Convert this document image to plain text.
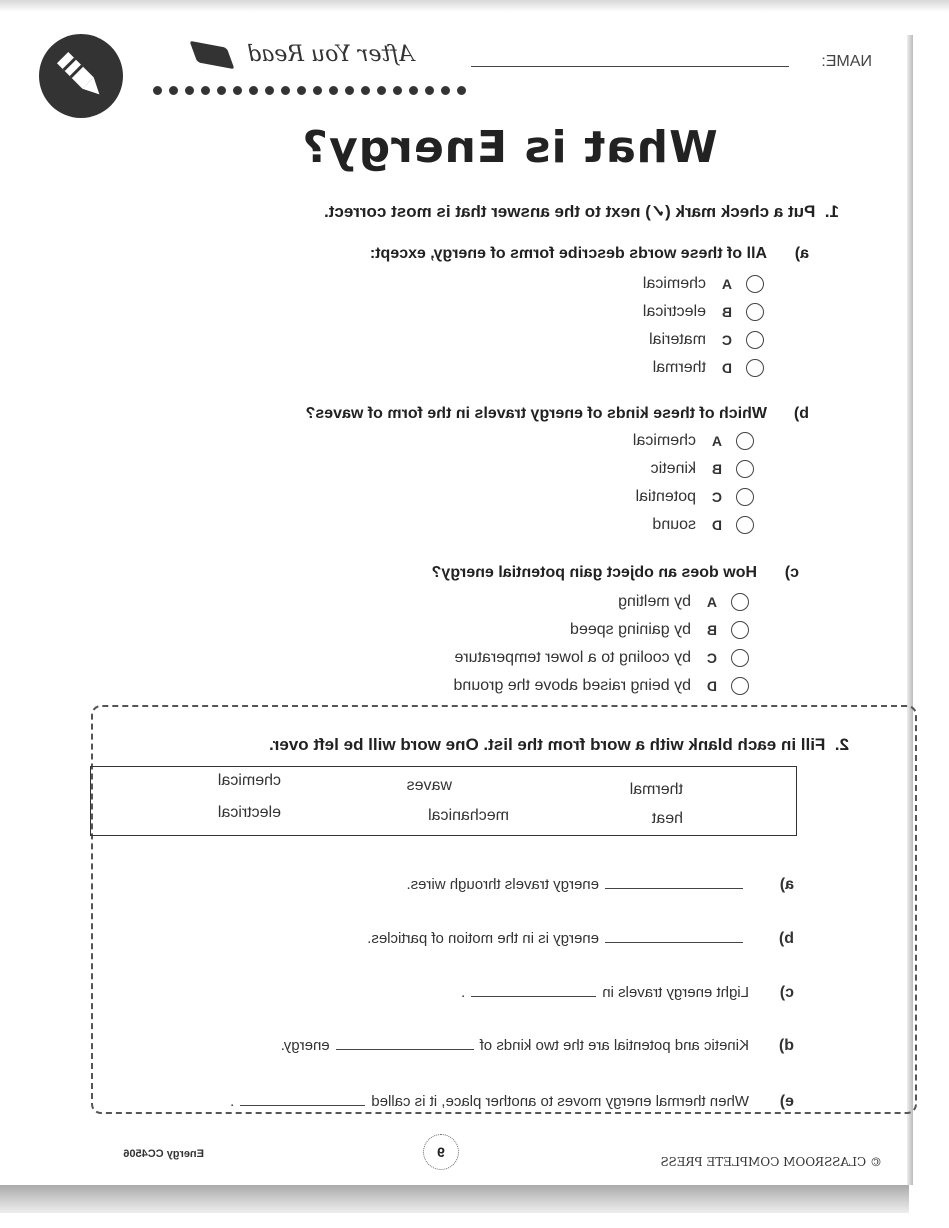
NAME:
After You Read
What is Energy?
1.  Put a check mark (✓) next to the answer that is most correct.
a)All of these words describe forms of energy, except:
A
chemical
B
electrical
C
material
D
thermal
b)Which of these kinds of energy travels in the form of waves?
A
chemical
B
kinetic
C
potential
D
sound
c)How does an object gain potential energy?
A
by melting
B
by gaining speed
C
by cooling to a lower temperature
D
by being raised above the ground
2.  Fill in each blank with a word from the list. One word will be left over.
thermal
waves
chemical
heat
mechanical
electrical
a)
energy travels through wires.
b)
energy is in the motion of particles.
c)
Light energy travels in
.
d)
Kinetic and potential are the two kinds of
energy.
e)
When thermal energy moves to another place, it is called
.
© CLASSROOM COMPLETE PRESS
9
Energy CC4506
